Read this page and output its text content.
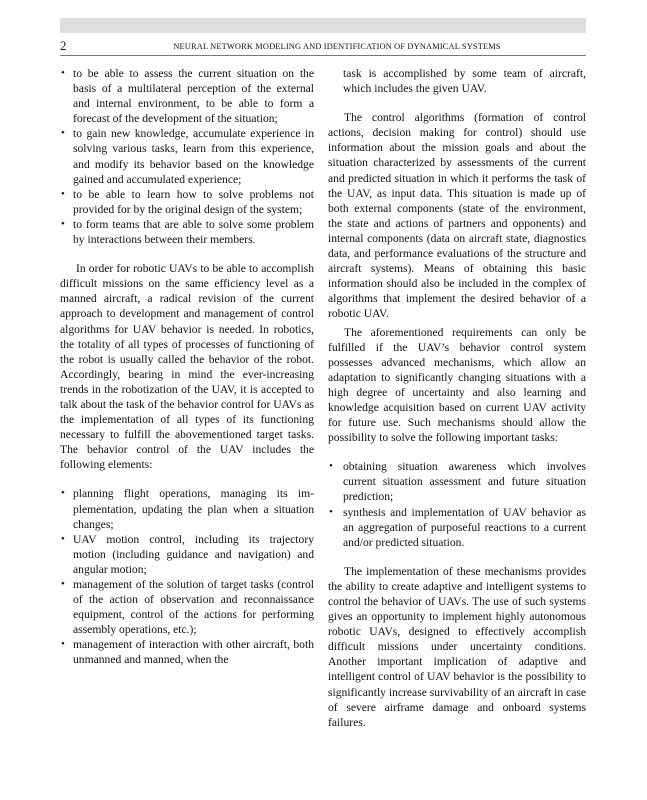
2	NEURAL NETWORK MODELING AND IDENTIFICATION OF DYNAMICAL SYSTEMS
• to be able to assess the current situation on the basis of a multilateral perception of the external and internal environment, to be able to form a forecast of the development of the situation;
• to gain new knowledge, accumulate experience in solving various tasks, learn from this experience, and modify its behavior based on the knowledge gained and accumulated experience;
• to be able to learn how to solve problems not provided for by the original design of the system;
• to form teams that are able to solve some problem by interactions between their members.

In order for robotic UAVs to be able to accomplish difficult missions on the same efficiency level as a manned aircraft, a radical revision of the current approach to development and management of control algorithms for UAV behavior is needed. In robotics, the totality of all types of processes of functioning of the robot is usually called the behavior of the robot. Accordingly, bearing in mind the ever-increasing trends in the robotization of the UAV, it is accepted to talk about the task of the behavior control for UAVs as the implementation of all types of its functioning necessary to fulfill the abovementioned target tasks. The behavior control of the UAV includes the following elements:

• planning flight operations, managing its implementation, updating the plan when a situation changes;
• UAV motion control, including its trajectory motion (including guidance and navigation) and angular motion;
• management of the solution of target tasks (control of the action of observation and reconnaissance equipment, control of the actions for performing assembly operations, etc.);
• management of interaction with other aircraft, both unmanned and manned, when the

task is accomplished by some team of aircraft, which includes the given UAV.

The control algorithms (formation of control actions, decision making for control) should use information about the mission goals and about the situation characterized by assessments of the current and predicted situation in which it performs the task of the UAV, as input data. This situation is made up of both external components (state of the environment, the state and actions of partners and opponents) and internal components (data on aircraft state, diagnostics data, and performance evaluations of the structure and aircraft systems). Means of obtaining this basic information should also be included in the complex of algorithms that implement the desired behavior of a robotic UAV.

The aforementioned requirements can only be fulfilled if the UAV’s behavior control system possesses advanced mechanisms, which allow an adaptation to significantly changing situations with a high degree of uncertainty and also learning and knowledge acquisition based on current UAV activity for future use. Such mechanisms should allow the possibility to solve the following important tasks:

• obtaining situation awareness which involves current situation assessment and future situation prediction;
• synthesis and implementation of UAV behavior as an aggregation of purposeful reactions to a current and/or predicted situation.

The implementation of these mechanisms provides the ability to create adaptive and intelligent systems to control the behavior of UAVs. The use of such systems gives an opportunity to implement highly autonomous robotic UAVs, designed to effectively accomplish difficult missions under uncertainty conditions. Another important implication of adaptive and intelligent control of UAV behavior is the possibility to significantly increase survivability of an aircraft in case of severe airframe damage and onboard systems failures.
